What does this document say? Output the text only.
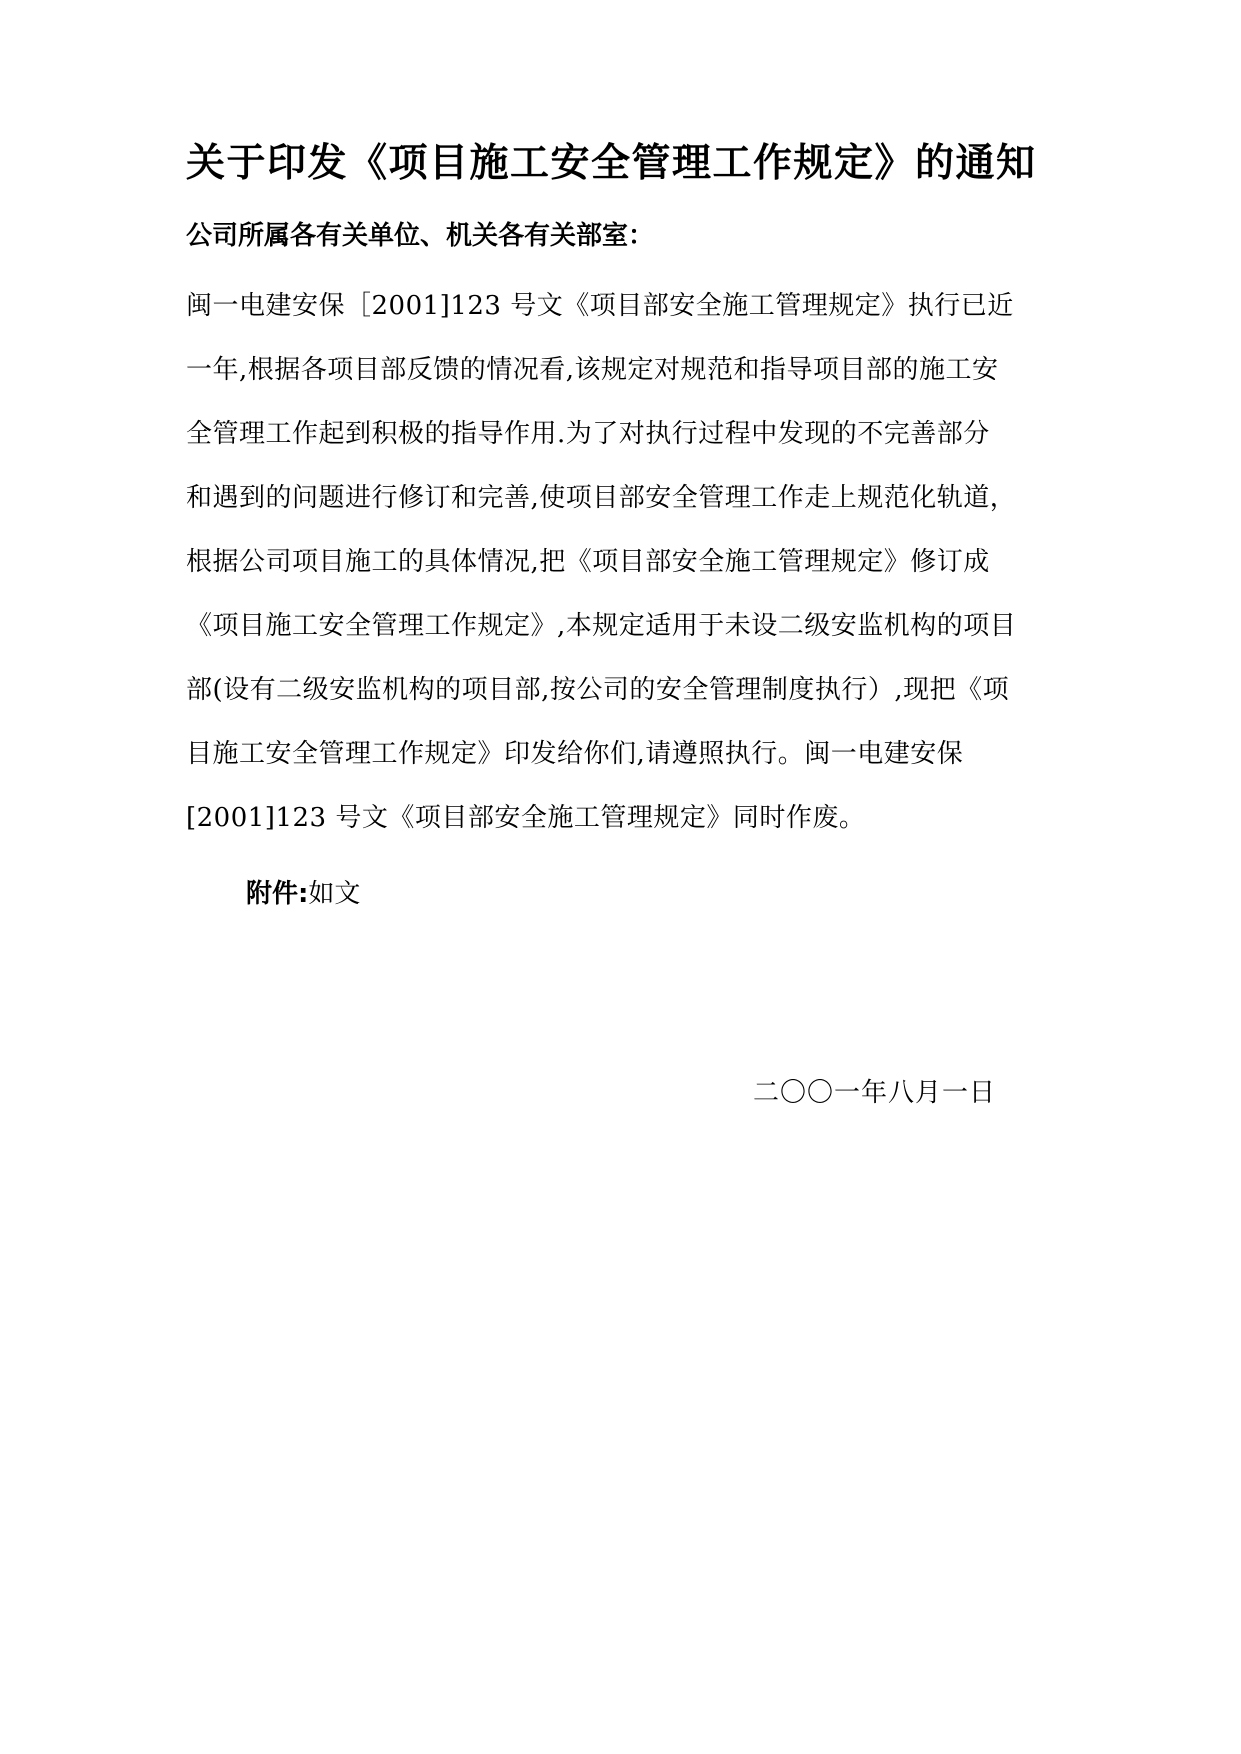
关于印发《项目施工安全管理工作规定》的通知

公司所属各有关单位、机关各有关部室：

闽一电建安保［2001]123 号文《项目部安全施工管理规定》执行已近
一年,根据各项目部反馈的情况看,该规定对规范和指导项目部的施工安
全管理工作起到积极的指导作用.为了对执行过程中发现的不完善部分
和遇到的问题进行修订和完善,使项目部安全管理工作走上规范化轨道，
根据公司项目施工的具体情况,把《项目部安全施工管理规定》修订成
《项目施工安全管理工作规定》,本规定适用于未设二级安监机构的项目
部(设有二级安监机构的项目部,按公司的安全管理制度执行）,现把《项
目施工安全管理工作规定》印发给你们,请遵照执行。闽一电建安保
[2001]123 号文《项目部安全施工管理规定》同时作废。
附件:如文
二〇〇一年八月一日
